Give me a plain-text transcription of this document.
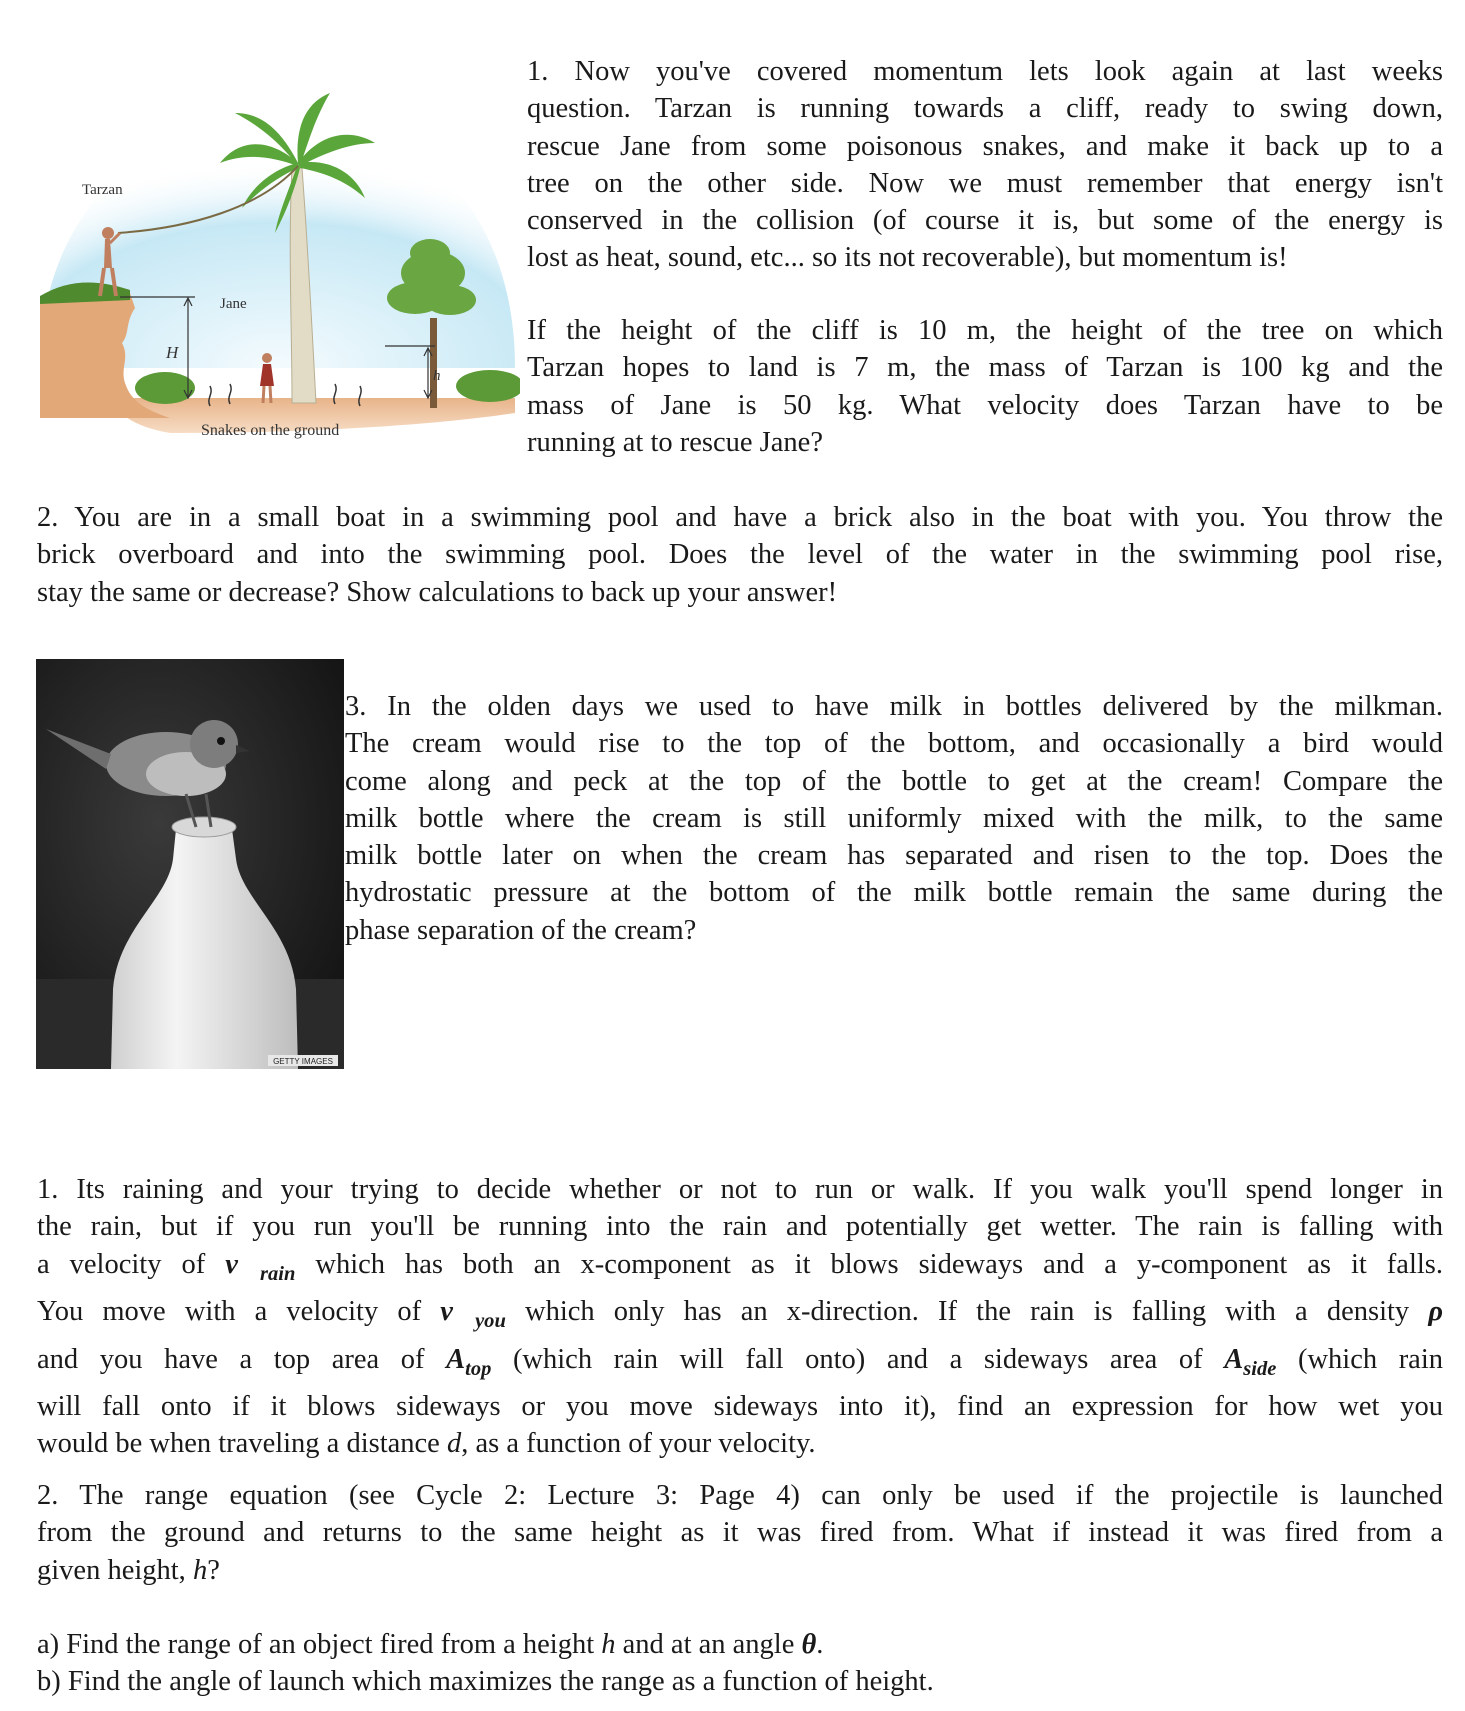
Tarzan
Jane
H
h
Snakes on the ground
1. Now you've covered momentum lets look again at last weeks
question. Tarzan is running towards a cliff, ready to swing down,
rescue Jane from some poisonous snakes, and make it back up to a
tree on the other side. Now we must remember that energy isn't
conserved in the collision (of course it is, but some of the energy is
lost as heat, sound, etc... so its not recoverable), but momentum is!
If the height of the cliff is 10 m, the height of the tree on which
Tarzan hopes to land is 7 m, the mass of Tarzan is 100 kg and the
mass of Jane is 50 kg. What velocity does Tarzan have to be
running at to rescue Jane?
2. You are in a small boat in a swimming pool and have a brick also in the boat with you. You throw the
brick overboard and into the swimming pool. Does the level of the water in the swimming pool rise,
stay the same or decrease? Show calculations to back up your answer!
GETTY IMAGES
3. In the olden days we used to have milk in bottles delivered by the milkman.
The cream would rise to the top of the bottom, and occasionally a bird would
come along and peck at the top of the bottle to get at the cream! Compare the
milk bottle where the cream is still uniformly mixed with the milk, to the same
milk bottle later on when the cream has separated and risen to the top. Does the
hydrostatic pressure at the bottom of the milk bottle remain the same during the
phase separation of the cream?
1. Its raining and your trying to decide whether or not to run or walk. If you walk you'll spend longer in
the rain, but if you run you'll be running into the rain and potentially get wetter. The rain is falling with
a velocity of $v⃗_{rain}$ which has both an x-component as it blows sideways and a y-component as it falls.
You move with a velocity of $v⃗_{you}$ which only has an x-direction. If the rain is falling with a density ρ
and you have a top area of $A_{top}$ (which rain will fall onto) and a sideways area of $A_{side}$ (which rain
will fall onto if it blows sideways or you move sideways into it), find an expression for how wet you
would be when traveling a distance d, as a function of your velocity.
2. The range equation (see Cycle 2: Lecture 3: Page 4) can only be used if the projectile is launched
from the ground and returns to the same height as it was fired from. What if instead it was fired from a
given height, h?
a) Find the range of an object fired from a height h and at an angle θ.
b) Find the angle of launch which maximizes the range as a function of height.
